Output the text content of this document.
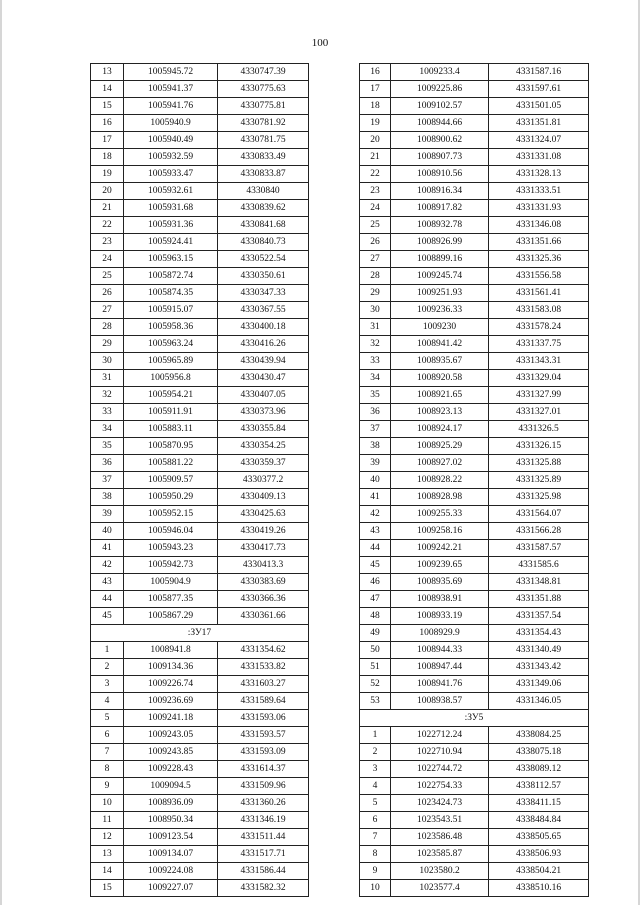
100
13	1005945.72	4330747.39
14	1005941.37	4330775.63
15	1005941.76	4330775.81
16	1005940.9	4330781.92
17	1005940.49	4330781.75
18	1005932.59	4330833.49
19	1005933.47	4330833.87
20	1005932.61	4330840
21	1005931.68	4330839.62
22	1005931.36	4330841.68
23	1005924.41	4330840.73
24	1005963.15	4330522.54
25	1005872.74	4330350.61
26	1005874.35	4330347.33
27	1005915.07	4330367.55
28	1005958.36	4330400.18
29	1005963.24	4330416.26
30	1005965.89	4330439.94
31	1005956.8	4330430.47
32	1005954.21	4330407.05
33	1005911.91	4330373.96
34	1005883.11	4330355.84
35	1005870.95	4330354.25
36	1005881.22	4330359.37
37	1005909.57	4330377.2
38	1005950.29	4330409.13
39	1005952.15	4330425.63
40	1005946.04	4330419.26
41	1005943.23	4330417.73
42	1005942.73	4330413.3
43	1005904.9	4330383.69
44	1005877.35	4330366.36
45	1005867.29	4330361.66
:ЗУ17		
1	1008941.8	4331354.62
2	1009134.36	4331533.82
3	1009226.74	4331603.27
4	1009236.69	4331589.64
5	1009241.18	4331593.06
6	1009243.05	4331593.57
7	1009243.85	4331593.09
8	1009228.43	4331614.37
9	1009094.5	4331509.96
10	1008936.09	4331360.26
11	1008950.34	4331346.19
12	1009123.54	4331511.44
13	1009134.07	4331517.71
14	1009224.08	4331586.44
15	1009227.07	4331582.32
16	1009233.4	4331587.16
17	1009225.86	4331597.61
18	1009102.57	4331501.05
19	1008944.66	4331351.81
20	1008900.62	4331324.07
21	1008907.73	4331331.08
22	1008910.56	4331328.13
23	1008916.34	4331333.51
24	1008917.82	4331331.93
25	1008932.78	4331346.08
26	1008926.99	4331351.66
27	1008899.16	4331325.36
28	1009245.74	4331556.58
29	1009251.93	4331561.41
30	1009236.33	4331583.08
31	1009230	4331578.24
32	1008941.42	4331337.75
33	1008935.67	4331343.31
34	1008920.58	4331329.04
35	1008921.65	4331327.99
36	1008923.13	4331327.01
37	1008924.17	4331326.5
38	1008925.29	4331326.15
39	1008927.02	4331325.88
40	1008928.22	4331325.89
41	1008928.98	4331325.98
42	1009255.33	4331564.07
43	1009258.16	4331566.28
44	1009242.21	4331587.57
45	1009239.65	4331585.6
46	1008935.69	4331348.81
47	1008938.91	4331351.88
48	1008933.19	4331357.54
49	1008929.9	4331354.43
50	1008944.33	4331340.49
51	1008947.44	4331343.42
52	1008941.76	4331349.06
53	1008938.57	4331346.05
:ЗУ5		
1	1022712.24	4338084.25
2	1022710.94	4338075.18
3	1022744.72	4338089.12
4	1022754.33	4338112.57
5	1023424.73	4338411.15
6	1023543.51	4338484.84
7	1023586.48	4338505.65
8	1023585.87	4338506.93
9	1023580.2	4338504.21
10	1023577.4	4338510.16
